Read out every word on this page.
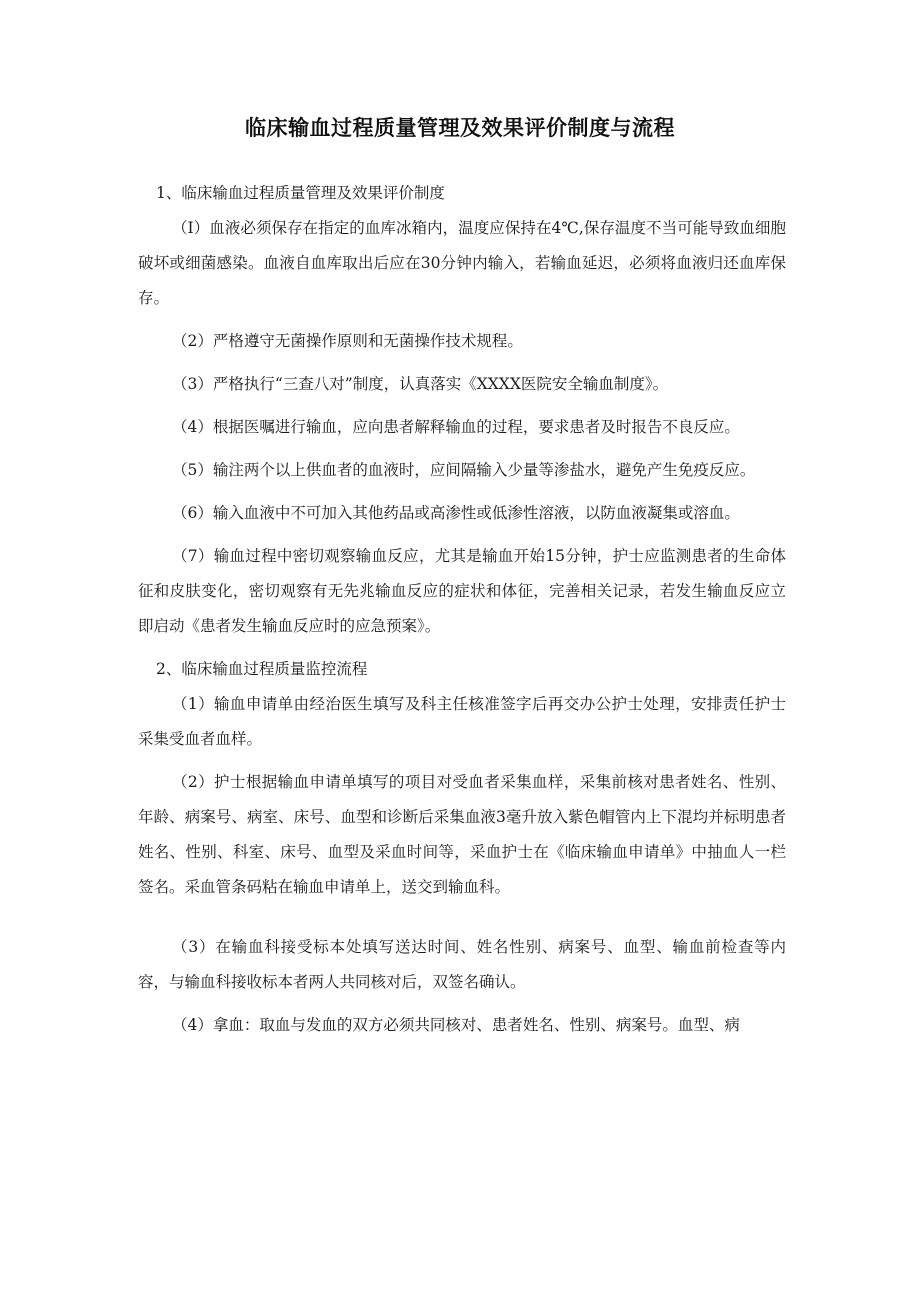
临床输血过程质量管理及效果评价制度与流程

1、临床输血过程质量管理及效果评价制度

（I）血液必须保存在指定的血库冰箱内，温度应保持在4℃,保存温度不当可能导致血细胞破坏或细菌感染。血液自血库取出后应在30分钟内输入，若输血延迟，必须将血液归还血库保存。

（2）严格遵守无菌操作原则和无菌操作技术规程。

（3）严格执行“三查八对”制度，认真落实《XXXX医院安全输血制度》。

（4）根据医嘱进行输血，应向患者解释输血的过程，要求患者及时报告不良反应。

（5）输注两个以上供血者的血液时，应间隔输入少量等渗盐水，避免产生免疫反应。

（6）输入血液中不可加入其他药品或高渗性或低渗性溶液，以防血液凝集或溶血。

（7）输血过程中密切观察输血反应，尤其是输血开始15分钟，护士应监测患者的生命体征和皮肤变化，密切观察有无先兆输血反应的症状和体征，完善相关记录，若发生输血反应立即启动《患者发生输血反应时的应急预案》。

2、临床输血过程质量监控流程

（1）输血申请单由经治医生填写及科主任核准签字后再交办公护士处理，安排责任护士采集受血者血样。

（2）护士根据输血申请单填写的项目对受血者采集血样，采集前核对患者姓名、性别、年龄、病案号、病室、床号、血型和诊断后采集血液3毫升放入紫色帽管内上下混均并标明患者姓名、性别、科室、床号、血型及采血时间等，采血护士在《临床输血申请单》中抽血人一栏签名。采血管条码粘在输血申请单上，送交到输血科。

（3）在输血科接受标本处填写送达时间、姓名性别、病案号、血型、输血前检查等内容，与输血科接收标本者两人共同核对后，双签名确认。

（4）拿血：取血与发血的双方必须共同核对、患者姓名、性别、病案号。血型、病
